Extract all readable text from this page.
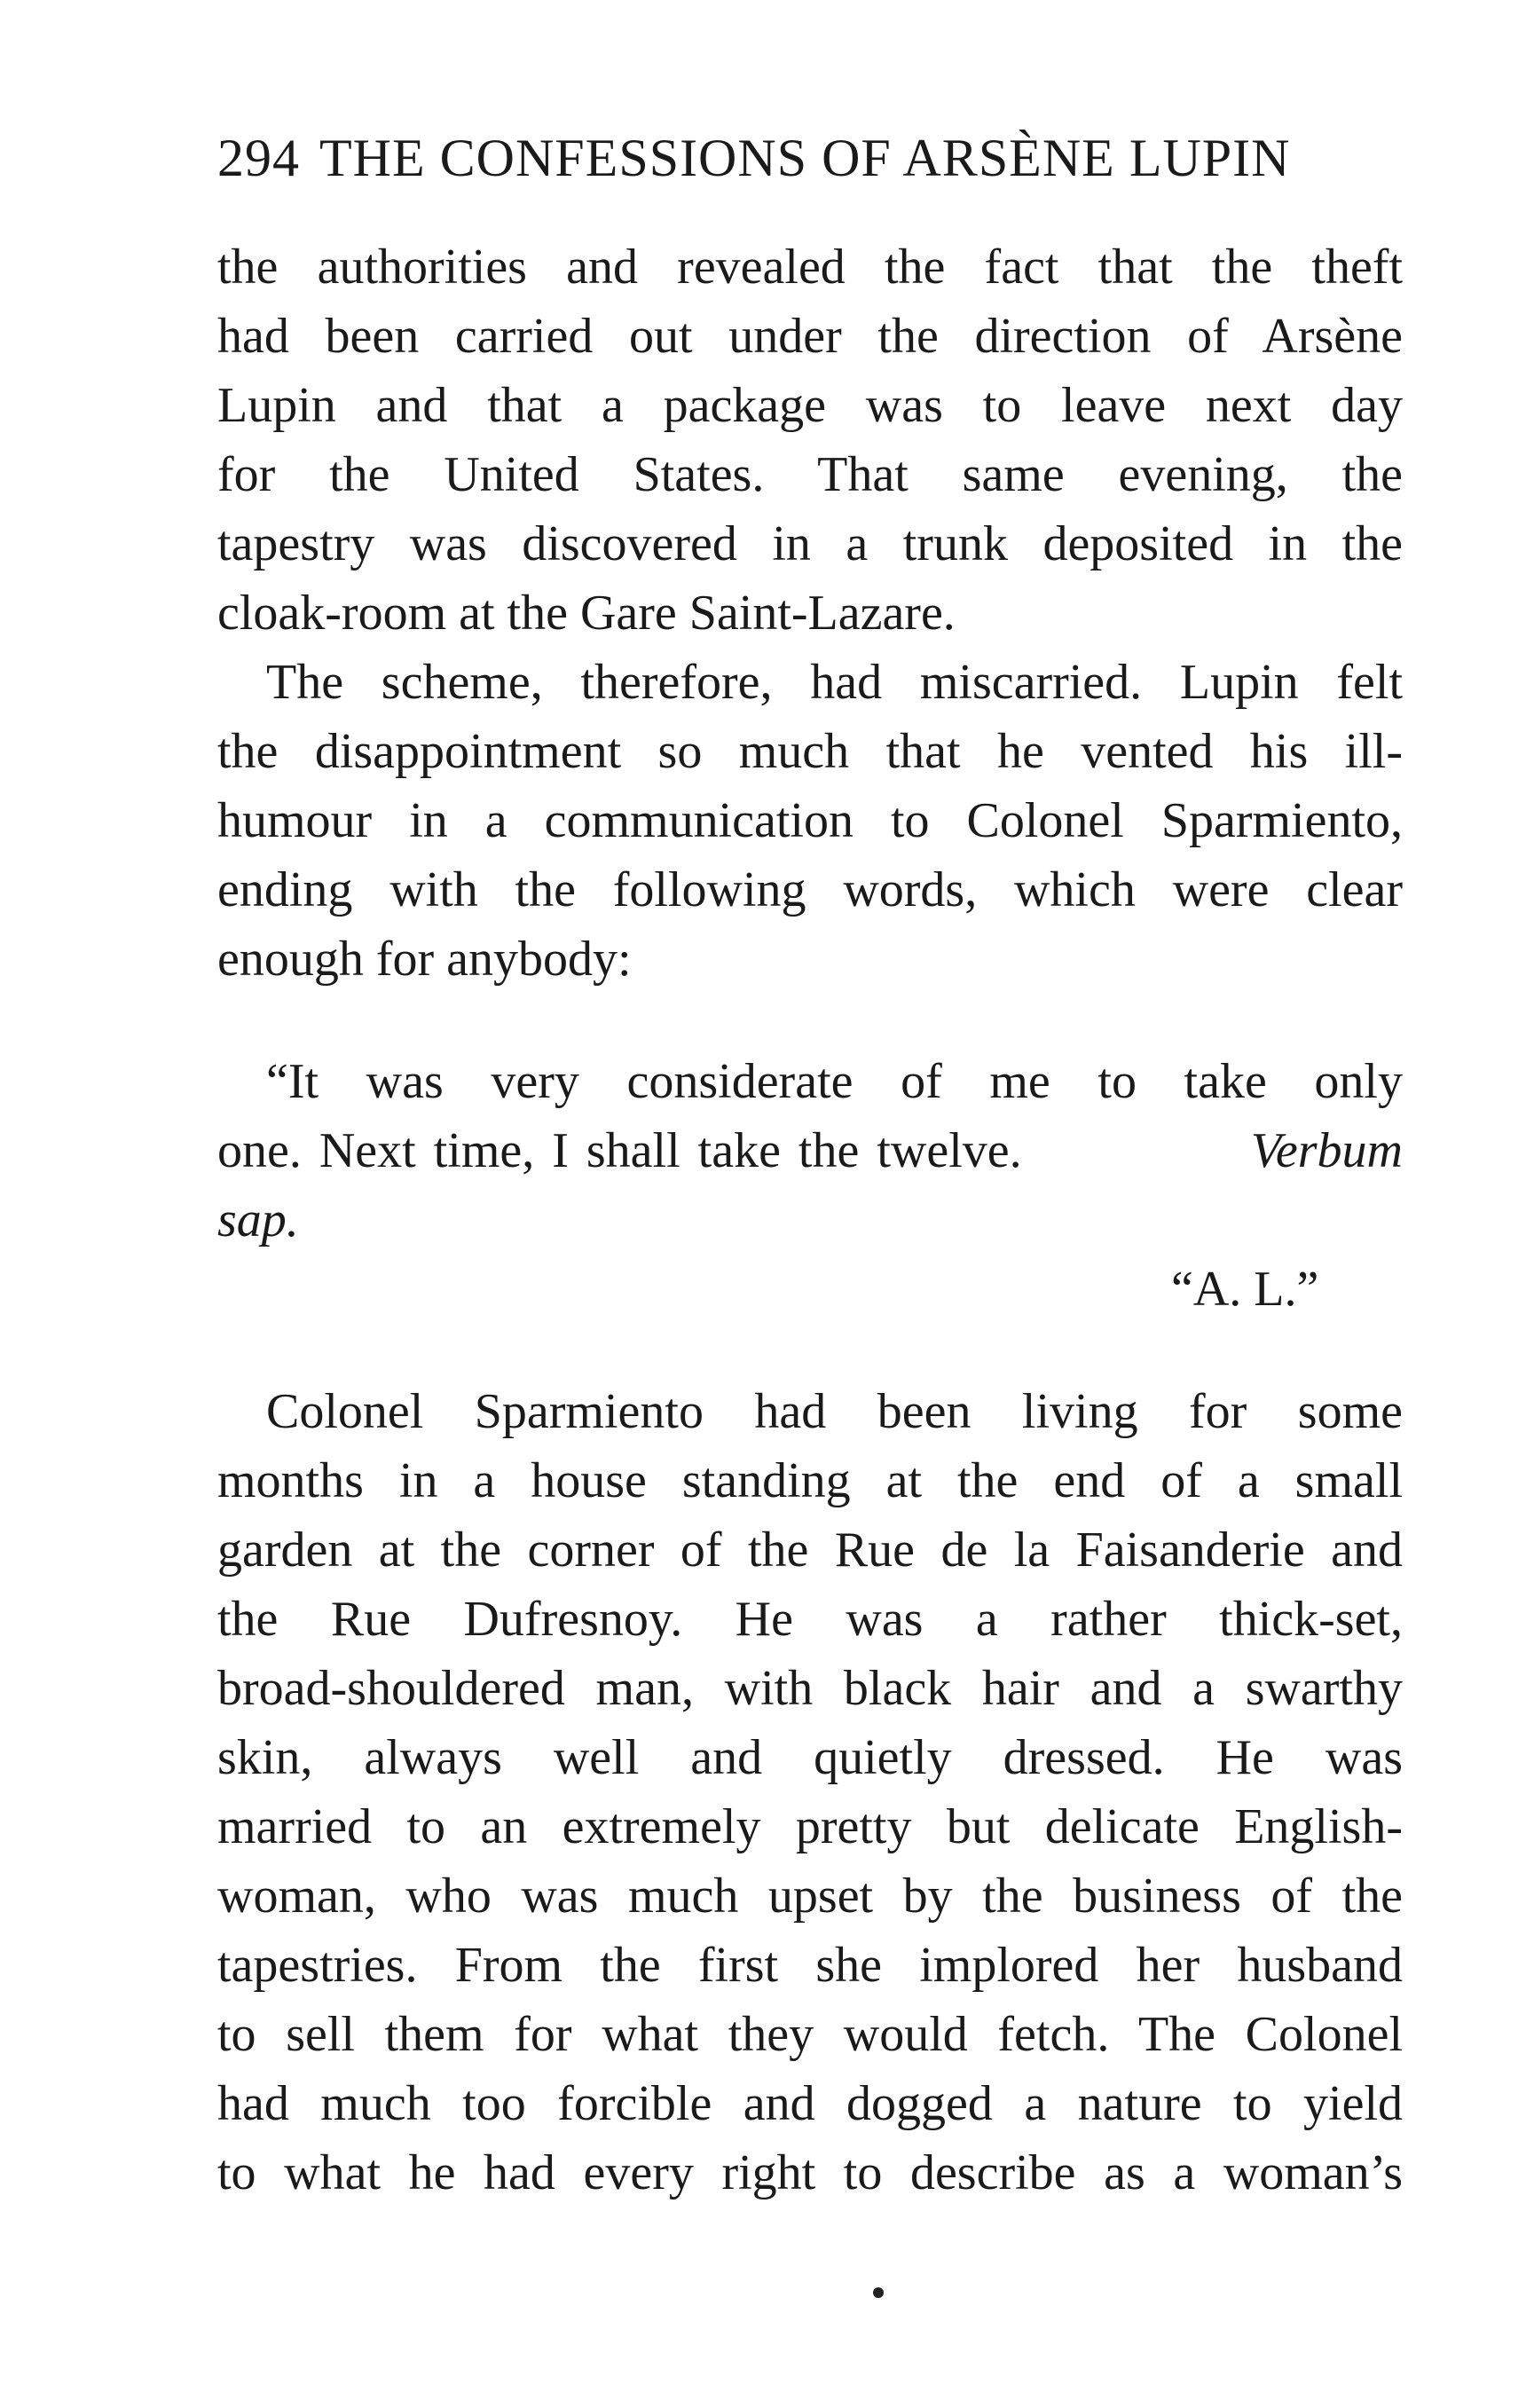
294 THE CONFESSIONS OF ARSÈNE LUPIN
the authorities and revealed the fact that the theft
had been carried out under the direction of Arsène
Lupin and that a package was to leave next day
for the United States. That same evening, the
tapestry was discovered in a trunk deposited in the
cloak-room at the Gare Saint-Lazare.
The scheme, therefore, had miscarried. Lupin felt
the disappointment so much that he vented his ill-
humour in a communication to Colonel Sparmiento,
ending with the following words, which were clear
enough for anybody:
“It was very considerate of me to take only
one. Next time, I shall take the twelve.	Verbum
sap.
“A. L.”
Colonel Sparmiento had been living for some
months in a house standing at the end of a small
garden at the corner of the Rue de la Faisanderie and
the Rue Dufresnoy. He was a rather thick-set,
broad-shouldered man, with black hair and a swarthy
skin, always well and quietly dressed. He was
married to an extremely pretty but delicate English-
woman, who was much upset by the business of the
tapestries. From the first she implored her husband
to sell them for what they would fetch. The Colonel
had much too forcible and dogged a nature to yield
to what he had every right to describe as a woman’s
